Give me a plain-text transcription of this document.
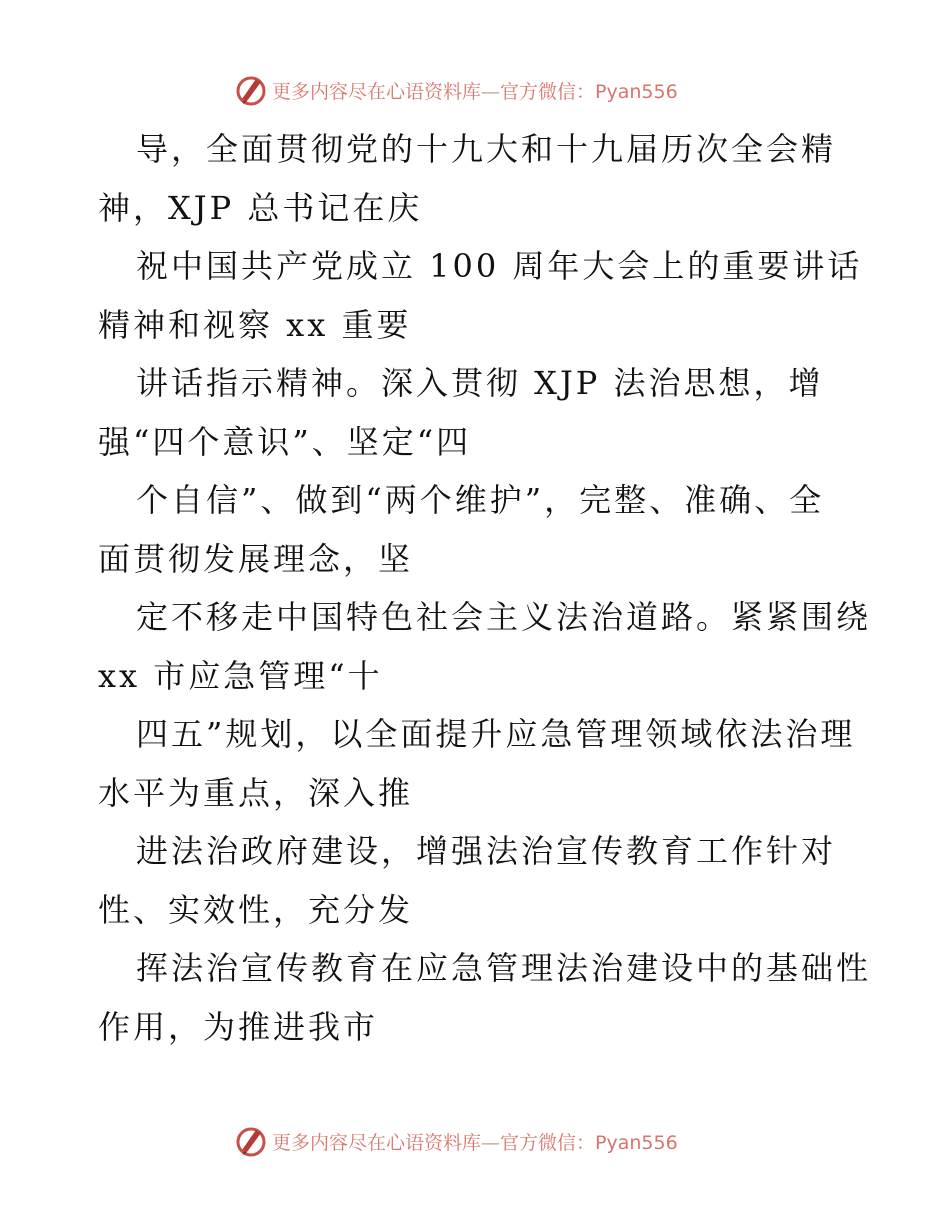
更多内容尽在心语资料库—官方微信：Pyan556
导，全面贯彻党的十九大和十九届历次全会精
神，XJP 总书记在庆
祝中国共产党成立 100 周年大会上的重要讲话
精神和视察 xx 重要
讲话指示精神。深入贯彻 XJP 法治思想，增
强“四个意识”、坚定“四
个自信”、做到“两个维护”，完整、准确、全
面贯彻发展理念，坚
定不移走中国特色社会主义法治道路。紧紧围绕
xx 市应急管理“十
四五”规划，以全面提升应急管理领域依法治理
水平为重点，深入推
进法治政府建设，增强法治宣传教育工作针对
性、实效性，充分发
挥法治宣传教育在应急管理法治建设中的基础性
作用，为推进我市
更多内容尽在心语资料库—官方微信：Pyan556
